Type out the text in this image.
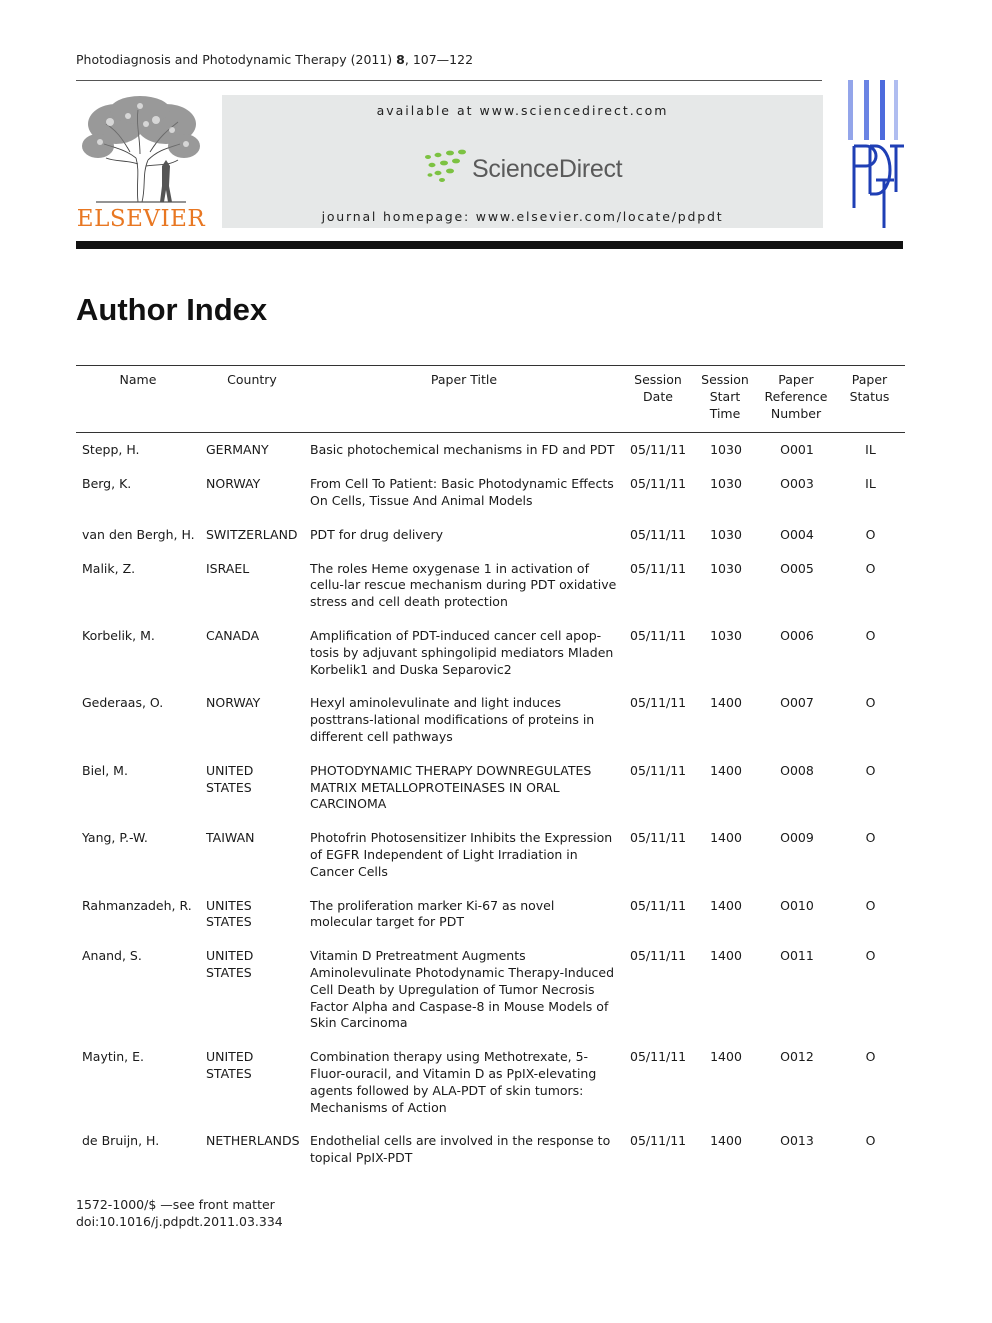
Photodiagnosis and Photodynamic Therapy (2011) 8, 107—122
ELSEVIER
available at www.sciencedirect.com
ScienceDirect
journal homepage: www.elsevier.com/locate/pdpdt
Author Index
Name	Country	Paper Title	Session Date	Session Start Time	Paper Reference Number	Paper Status
Stepp, H.	GERMANY	Basic photochemical mechanisms in FD and PDT	05/11/11	1030	O001	IL
Berg, K.	NORWAY	From Cell To Patient: Basic Photodynamic Effects On Cells, Tissue And Animal Models	05/11/11	1030	O003	IL
van den Bergh, H.	SWITZERLAND	PDT for drug delivery	05/11/11	1030	O004	O
Malik, Z.	ISRAEL	The roles Heme oxygenase 1 in activation of cellu-lar rescue mechanism during PDT oxidative stress and cell death protection	05/11/11	1030	O005	O
Korbelik, M.	CANADA	Amplification of PDT-induced cancer cell apop-tosis by adjuvant sphingolipid mediators Mladen Korbelik1 and Duska Separovic2	05/11/11	1030	O006	O
Gederaas, O.	NORWAY	Hexyl aminolevulinate and light induces posttrans-lational modifications of proteins in different cell pathways	05/11/11	1400	O007	O
Biel, M.	UNITED STATES	PHOTODYNAMIC THERAPY DOWNREGULATES MATRIX METALLOPROTEINASES IN ORAL CARCINOMA	05/11/11	1400	O008	O
Yang, P.-W.	TAIWAN	Photofrin Photosensitizer Inhibits the Expression of EGFR Independent of Light Irradiation in Cancer Cells	05/11/11	1400	O009	O
Rahmanzadeh, R.	UNITES STATES	The proliferation marker Ki-67 as novel molecular target for PDT	05/11/11	1400	O010	O
Anand, S.	UNITED STATES	Vitamin D Pretreatment Augments Aminolevulinate Photodynamic Therapy-Induced Cell Death by Upregulation of Tumor Necrosis Factor Alpha and Caspase-8 in Mouse Models of Skin Carcinoma	05/11/11	1400	O011	O
Maytin, E.	UNITED STATES	Combination therapy using Methotrexate, 5-Fluor-ouracil, and Vitamin D as PpIX-elevating agents followed by ALA-PDT of skin tumors: Mechanisms of Action	05/11/11	1400	O012	O
de Bruijn, H.	NETHERLANDS	Endothelial cells are involved in the response to topical PpIX-PDT	05/11/11	1400	O013	O
1572-1000/$ —see front matter
doi:10.1016/j.pdpdt.2011.03.334
